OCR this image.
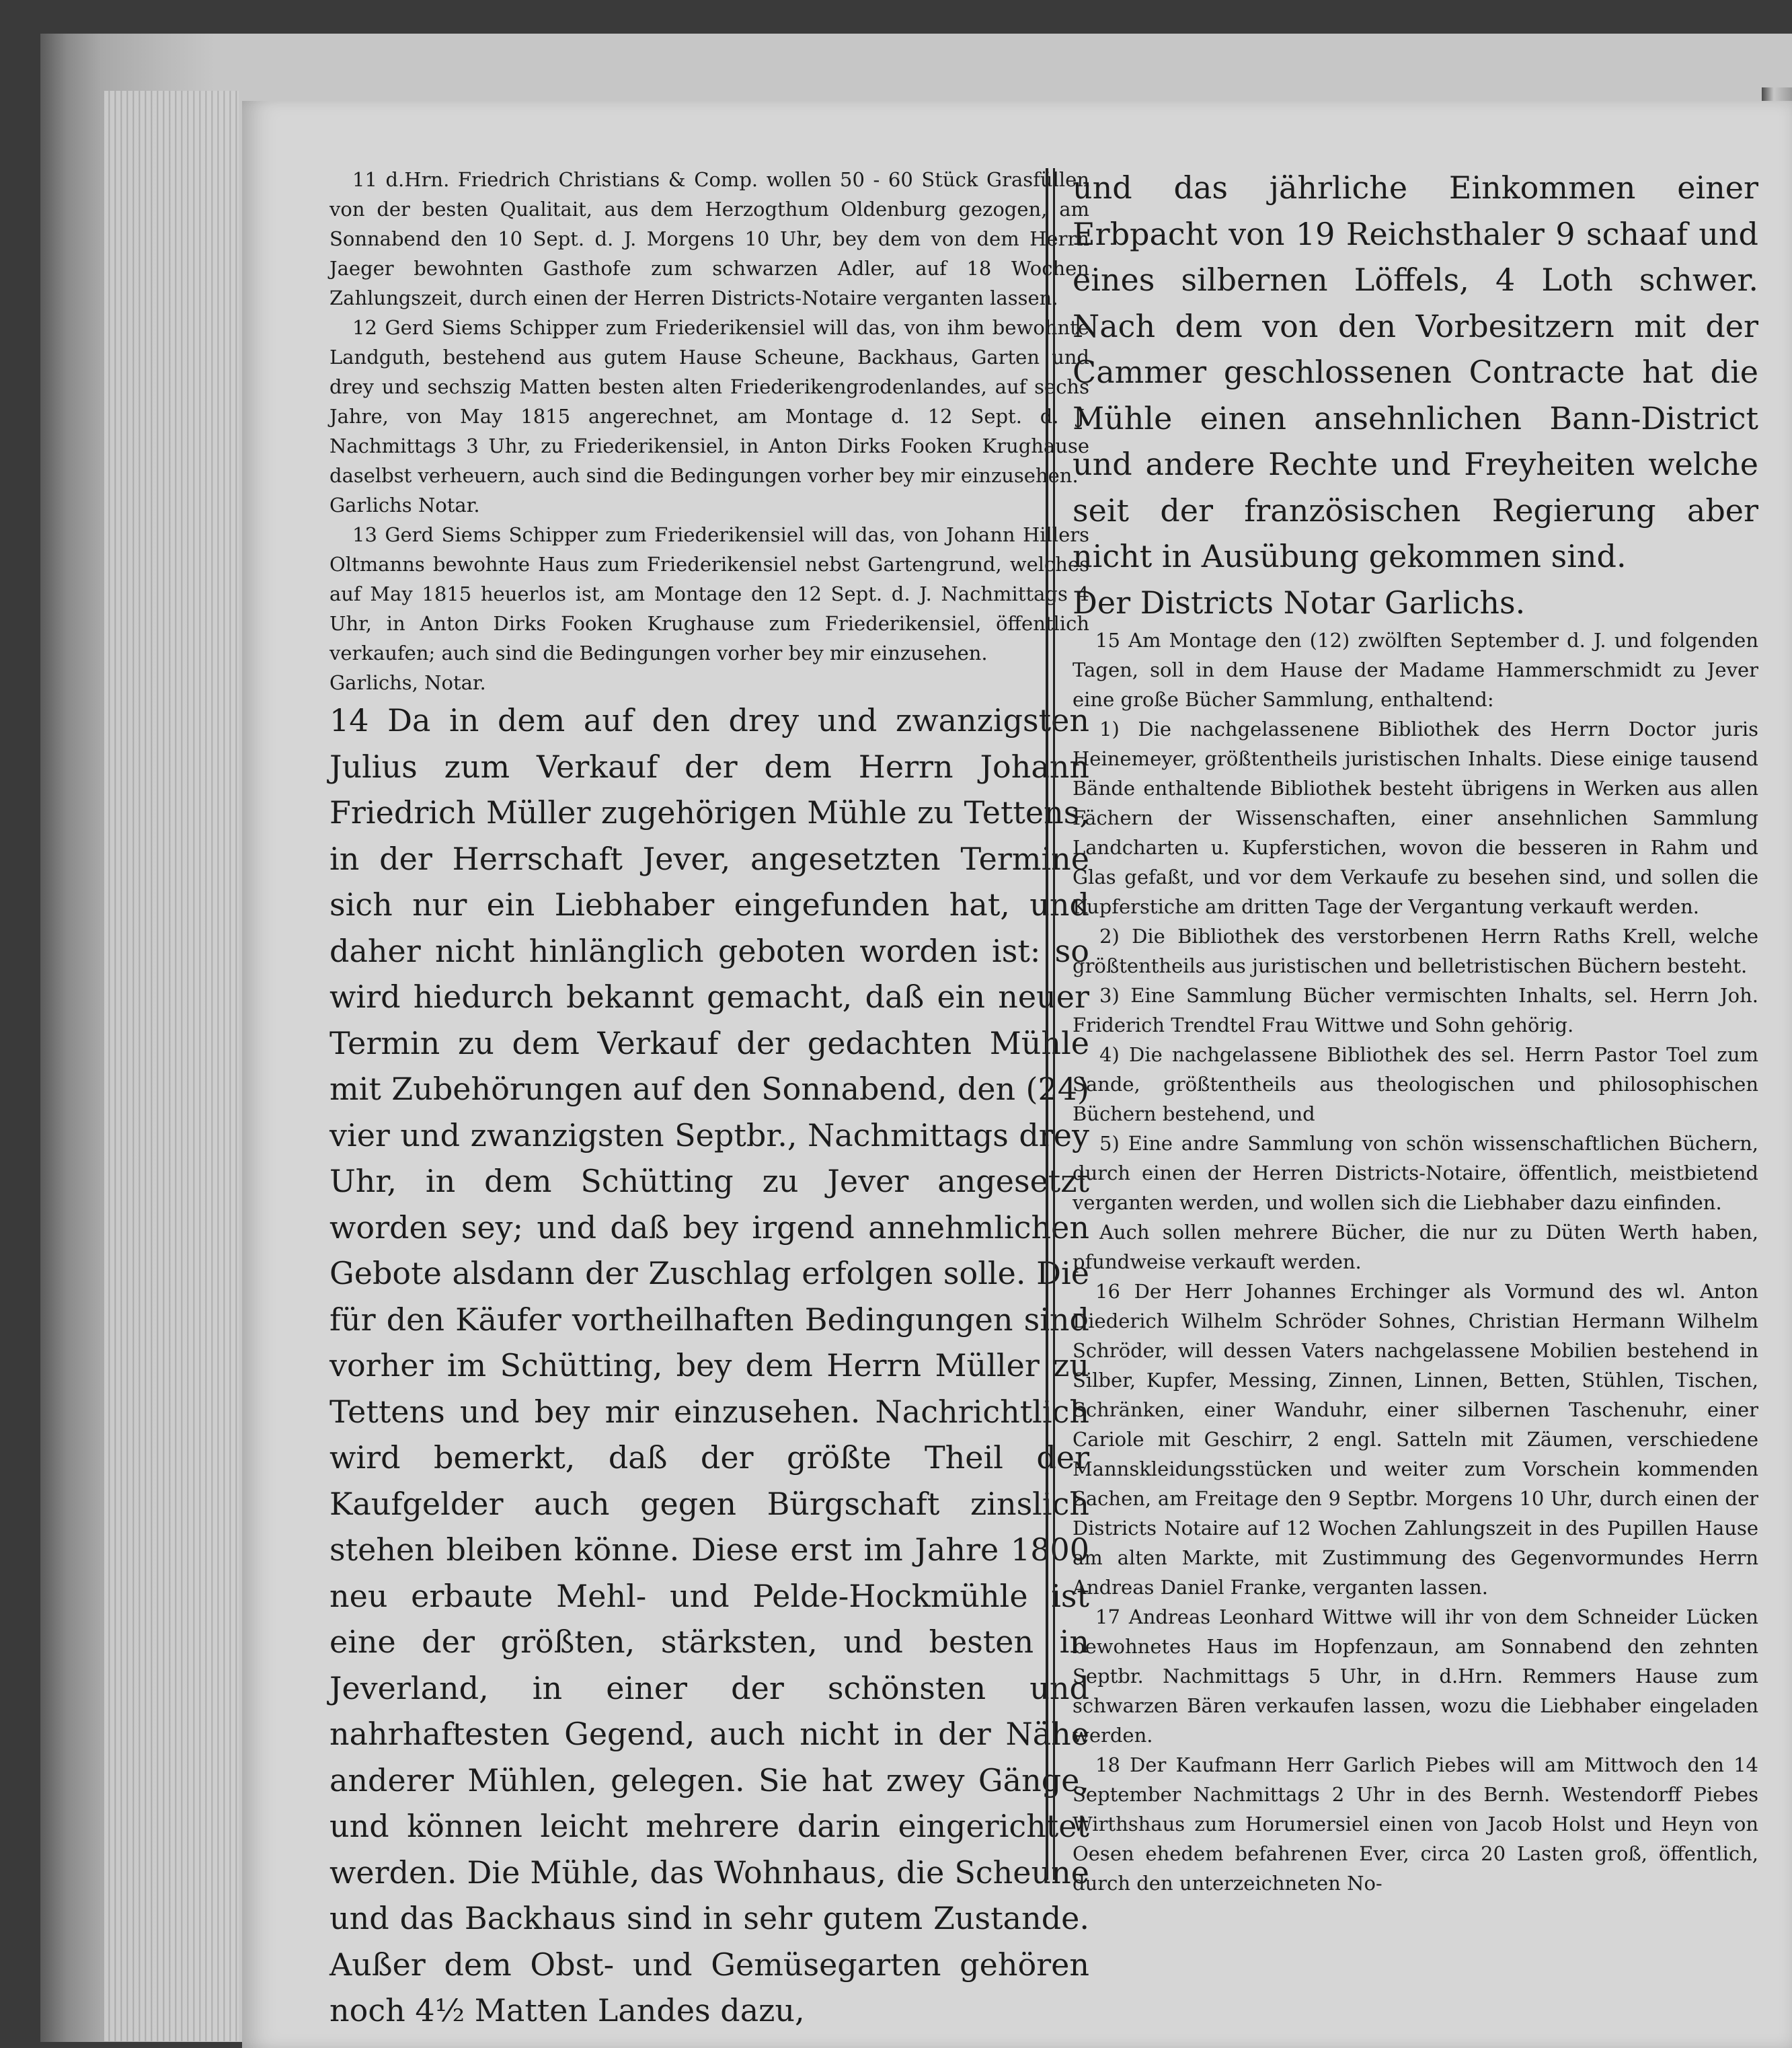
11 d.Hrn. Friedrich Christians & Comp. wollen 50 - 60 Stück Grasfüllen von der besten Qualitait, aus dem Herzogthum Oldenburg gezogen, am Sonnabend den 10 Sept. d. J. Morgens 10 Uhr, bey dem von dem Herrn Jaeger bewohnten Gasthofe zum schwarzen Adler, auf 18 Wochen Zahlungszeit, durch einen der Herren Districts-Notaire verganten lassen.

12 Gerd Siems Schipper zum Friederikensiel will das, von ihm bewohnte Landguth, bestehend aus gutem Hause Scheune, Backhaus, Garten und drey und sechszig Matten besten alten Friederikengrodenlandes, auf sechs Jahre, von May 1815 angerechnet, am Montage d. 12 Sept. d. J. Nachmittags 3 Uhr, zu Friederikensiel, in Anton Dirks Fooken Krughause daselbst verheuern, auch sind die Bedingungen vorher bey mir einzusehen.

Garlichs Notar.

13 Gerd Siems Schipper zum Friederikensiel will das, von Johann Hillers Oltmanns bewohnte Haus zum Friederikensiel nebst Gartengrund, welches auf May 1815 heuerlos ist, am Montage den 12 Sept. d. J. Nachmittags 4 Uhr, in Anton Dirks Fooken Krughause zum Friederikensiel, öffentlich verkaufen; auch sind die Bedingungen vorher bey mir einzusehen.

Garlichs, Notar.

14 Da in dem auf den drey und zwanzigsten Julius zum Verkauf der dem Herrn Johann Friedrich Müller zugehörigen Mühle zu Tettens, in der Herrschaft Jever, angesetzten Termine sich nur ein Liebhaber eingefunden hat, und daher nicht hinlänglich geboten worden ist: so wird hiedurch bekannt gemacht, daß ein neuer Termin zu dem Verkauf der gedachten Mühle mit Zubehörungen auf den Sonnabend, den (24) vier und zwanzigsten Septbr., Nachmittags drey Uhr, in dem Schütting zu Jever angesetzt worden sey; und daß bey irgend annehmlichen Gebote alsdann der Zuschlag erfolgen solle. Die für den Käufer vortheilhaften Bedingungen sind vorher im Schütting, bey dem Herrn Müller zu Tettens und bey mir einzusehen. Nachrichtlich wird bemerkt, daß der größte Theil der Kaufgelder auch gegen Bürgschaft zinslich stehen bleiben könne. Diese erst im Jahre 1800 neu erbaute Mehl- und Pelde-Hockmühle ist eine der größten, stärksten, und besten in Jeverland, in einer der schönsten und nahrhaftesten Gegend, auch nicht in der Nähe anderer Mühlen, gelegen. Sie hat zwey Gänge, und können leicht mehrere darin eingerichtet werden. Die Mühle, das Wohnhaus, die Scheune und das Backhaus sind in sehr gutem Zustande. Außer dem Obst- und Gemüsegarten gehören noch 4½ Matten Landes dazu,

und das jährliche Einkommen einer Erbpacht von 19 Reichsthaler 9 schaaf und eines silbernen Löffels, 4 Loth schwer. Nach dem von den Vorbesitzern mit der Cammer geschlossenen Contracte hat die Mühle einen ansehnlichen Bann-District und andere Rechte und Freyheiten welche seit der französischen Regierung aber nicht in Ausübung gekommen sind.

Der Districts Notar Garlichs.

15 Am Montage den (12) zwölften September d. J. und folgenden Tagen, soll in dem Hause der Madame Hammerschmidt zu Jever eine große Bücher Sammlung, enthaltend:

1) Die nachgelassenene Bibliothek des Herrn Doctor juris Heinemeyer, größtentheils juristischen Inhalts. Diese einige tausend Bände enthaltende Bibliothek besteht übrigens in Werken aus allen Fächern der Wissenschaften, einer ansehnlichen Sammlung Landcharten u. Kupferstichen, wovon die besseren in Rahm und Glas gefaßt, und vor dem Verkaufe zu besehen sind, und sollen die Kupferstiche am dritten Tage der Vergantung verkauft werden.

2) Die Bibliothek des verstorbenen Herrn Raths Krell, welche größtentheils aus juristischen und belletristischen Büchern besteht.

3) Eine Sammlung Bücher vermischten Inhalts, sel. Herrn Joh. Friderich Trendtel Frau Wittwe und Sohn gehörig.

4) Die nachgelassene Bibliothek des sel. Herrn Pastor Toel zum Sande, größtentheils aus theologischen und philosophischen Büchern bestehend, und

5) Eine andre Sammlung von schön wissenschaftlichen Büchern, durch einen der Herren Districts-Notaire, öffentlich, meistbietend verganten werden, und wollen sich die Liebhaber dazu einfinden.

Auch sollen mehrere Bücher, die nur zu Düten Werth haben, pfundweise verkauft werden.

16 Der Herr Johannes Erchinger als Vormund des wl. Anton Diederich Wilhelm Schröder Sohnes, Christian Hermann Wilhelm Schröder, will dessen Vaters nachgelassene Mobilien bestehend in Silber, Kupfer, Messing, Zinnen, Linnen, Betten, Stühlen, Tischen, Schränken, einer Wanduhr, einer silbernen Taschenuhr, einer Cariole mit Geschirr, 2 engl. Satteln mit Zäumen, verschiedene Mannskleidungsstücken und weiter zum Vorschein kommenden Sachen, am Freitage den 9 Septbr. Morgens 10 Uhr, durch einen der Districts Notaire auf 12 Wochen Zahlungszeit in des Pupillen Hause am alten Markte, mit Zustimmung des Gegenvormundes Herrn Andreas Daniel Franke, verganten lassen.

17 Andreas Leonhard Wittwe will ihr von dem Schneider Lücken bewohnetes Haus im Hopfenzaun, am Sonnabend den zehnten Septbr. Nachmittags 5 Uhr, in d.Hrn. Remmers Hause zum schwarzen Bären verkaufen lassen, wozu die Liebhaber eingeladen werden.

18 Der Kaufmann Herr Garlich Piebes will am Mittwoch den 14 September Nachmittags 2 Uhr in des Bernh. Westendorff Piebes Wirthshaus zum Horumersiel einen von Jacob Holst und Heyn von Oesen ehedem befahrenen Ever, circa 20 Lasten groß, öffentlich, durch den unterzeichneten No-
